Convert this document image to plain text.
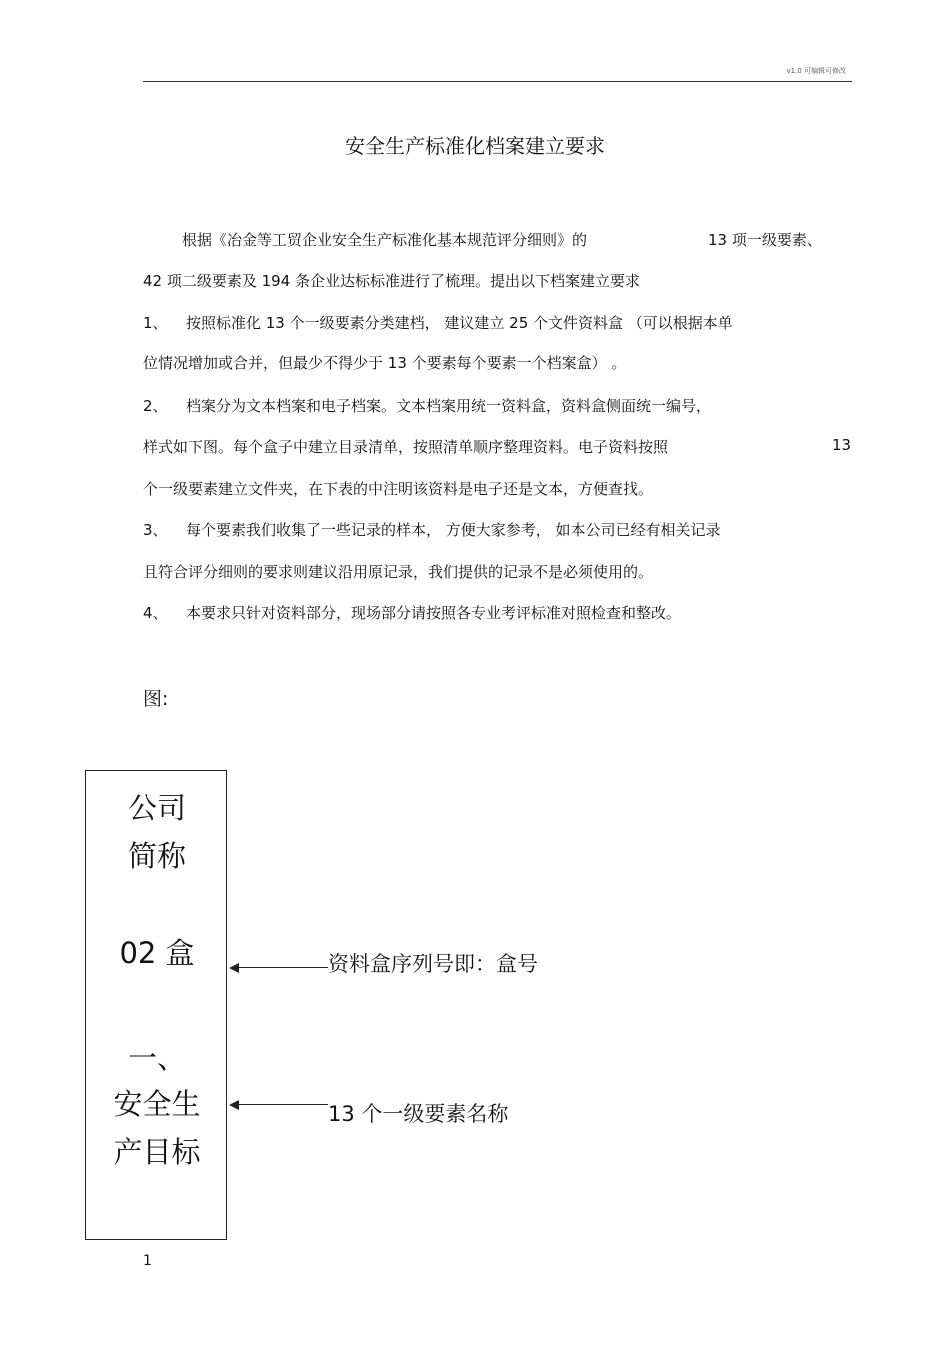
v1.0 可编辑可修改
安全生产标准化档案建立要求
根据《冶金等工贸企业安全生产标准化基本规范评分细则》的	13 项一级要素、
42 项二级要素及 194 条企业达标标准进行了梳理。提出以下档案建立要求
1、 按照标准化 13 个一级要素分类建档， 建议建立 25 个文件资料盒 （可以根据本单
位情况增加或合并，但最少不得少于 13 个要素每个要素一个档案盒） 。
2、 档案分为文本档案和电子档案。文本档案用统一资料盒，资料盒侧面统一编号，
样式如下图。每个盒子中建立目录清单，按照清单顺序整理资料。电子资料按照	13
个一级要素建立文件夹，在下表的中注明该资料是电子还是文本，方便查找。
3、 每个要素我们收集了一些记录的样本， 方便大家参考， 如本公司已经有相关记录
且符合评分细则的要求则建议沿用原记录，我们提供的记录不是必须使用的。
4、 本要求只针对资料部分，现场部分请按照各专业考评标准对照检查和整改。
图:
公司
简称
02 盒
一、
安全生
产目标
资料盒序列号即：盒号
13 个一级要素名称
1
